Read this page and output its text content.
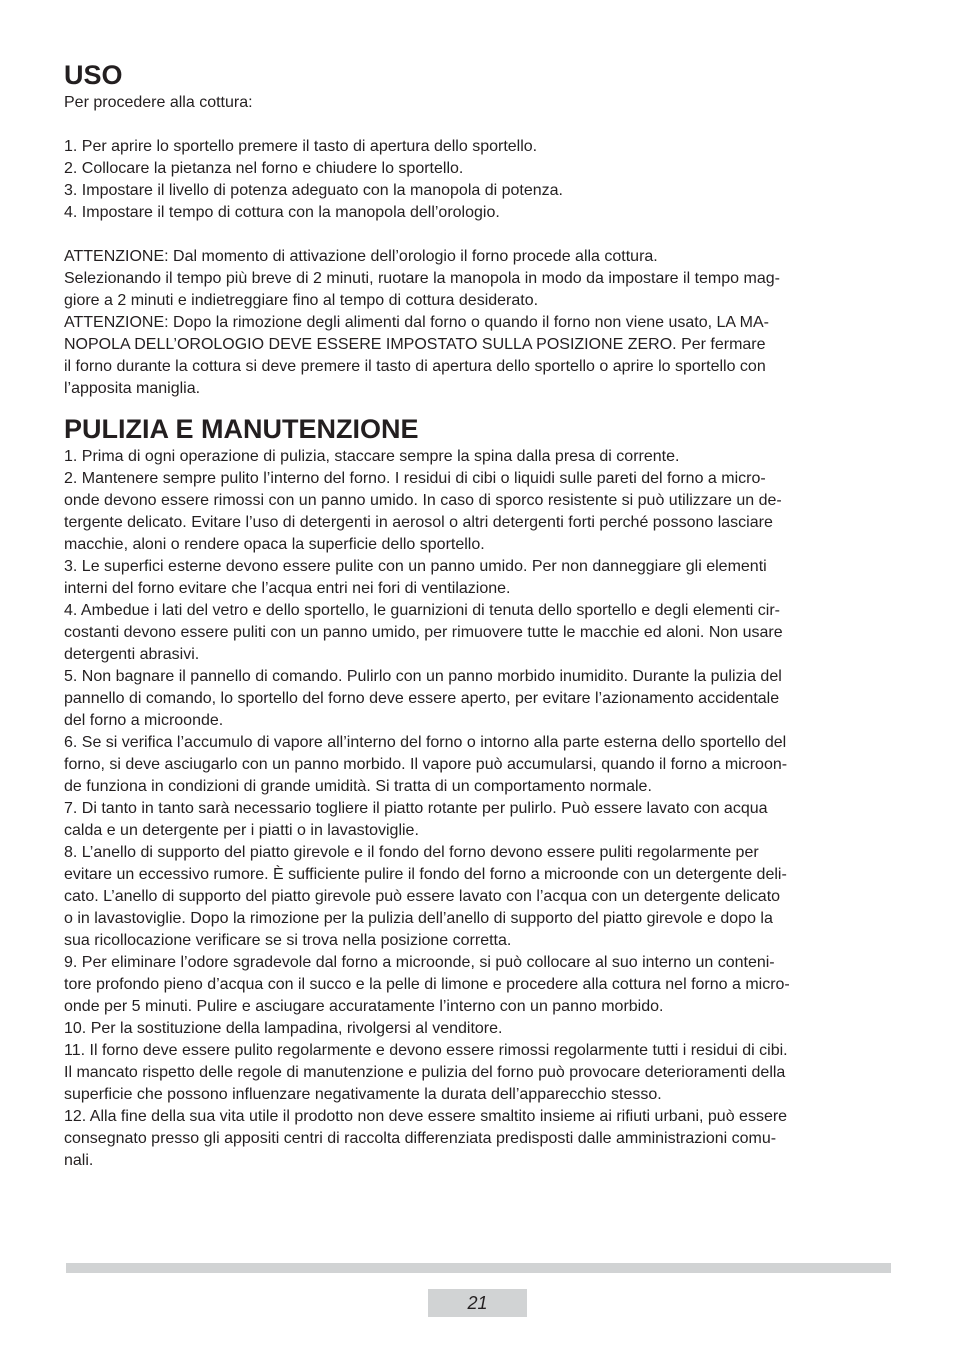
USO

Per procedere alla cottura:

1. Per aprire lo sportello premere il tasto di apertura dello sportello.

2. Collocare la pietanza nel forno e chiudere lo sportello.

3. Impostare il livello di potenza adeguato con la manopola di potenza.

4. Impostare il tempo di cottura con la manopola dell’orologio.

ATTENZIONE: Dal momento di attivazione dell’orologio il forno procede alla cottura.

Selezionando il tempo più breve di 2 minuti, ruotare la manopola in modo da impostare il tempo mag-

giore a 2 minuti e indietreggiare fino al tempo di cottura desiderato.

ATTENZIONE: Dopo la rimozione degli alimenti dal forno o quando il forno non viene usato, LA MA-

NOPOLA DELL’OROLOGIO DEVE ESSERE IMPOSTATO SULLA POSIZIONE ZERO. Per fermare

il forno durante la cottura si deve premere il tasto di apertura dello sportello o aprire lo sportello con

l’apposita maniglia.

PULIZIA E MANUTENZIONE

1. Prima di ogni operazione di pulizia, staccare sempre la spina dalla presa di corrente.

2. Mantenere sempre pulito l’interno del forno. I residui di cibi o liquidi sulle pareti del forno a micro-

onde devono essere rimossi con un panno umido. In caso di sporco resistente si può utilizzare un de-

tergente delicato. Evitare l’uso di detergenti in aerosol o altri detergenti forti perché possono lasciare

macchie, aloni o rendere opaca la superficie dello sportello.

3. Le superfici esterne devono essere pulite con un panno umido. Per non danneggiare gli elementi

interni del forno evitare che l’acqua entri nei fori di ventilazione.

4. Ambedue i lati del vetro e dello sportello, le guarnizioni di tenuta dello sportello e degli elementi cir-

costanti devono essere puliti con un panno umido, per rimuovere tutte le macchie ed aloni. Non usare

detergenti abrasivi.

5. Non bagnare il pannello di comando. Pulirlo con un panno morbido inumidito. Durante la pulizia del

pannello di comando, lo sportello del forno deve essere aperto, per evitare l’azionamento accidentale

del forno a microonde.

6. Se si verifica l’accumulo di vapore all’interno del forno o intorno alla parte esterna dello sportello del

forno, si deve asciugarlo con un panno morbido. Il vapore può accumularsi, quando il forno a microon-

de funziona in condizioni di grande umidità. Si tratta di un comportamento normale.

7. Di tanto in tanto sarà necessario togliere il piatto rotante per pulirlo. Può essere lavato con acqua

calda e un detergente per i piatti o in lavastoviglie.

8. L’anello di supporto del piatto girevole e il fondo del forno devono essere puliti regolarmente per

evitare un eccessivo rumore. È sufficiente pulire il fondo del forno a microonde con un detergente deli-

cato. L’anello di supporto del piatto girevole può essere lavato con l’acqua con un detergente delicato

o in lavastoviglie. Dopo la rimozione per la pulizia dell’anello di supporto del piatto girevole e dopo la

sua ricollocazione verificare se si trova nella posizione corretta.

9. Per eliminare l’odore sgradevole dal forno a microonde, si può collocare al suo interno un conteni-

tore profondo pieno d’acqua con il succo e la pelle di limone e procedere alla cottura nel forno a micro-

onde per 5 minuti. Pulire e asciugare accuratamente l’interno con un panno morbido.

10. Per la sostituzione della lampadina, rivolgersi al venditore.

11. Il forno deve essere pulito regolarmente e devono essere rimossi regolarmente tutti i residui di cibi.

Il mancato rispetto delle regole di manutenzione e pulizia del forno può provocare deterioramenti della

superficie che possono influenzare negativamente la durata dell’apparecchio stesso.

12. Alla fine della sua vita utile il prodotto non deve essere smaltito insieme ai rifiuti urbani, può essere

consegnato presso gli appositi centri di raccolta differenziata predisposti dalle amministrazioni comu-

nali.

21
